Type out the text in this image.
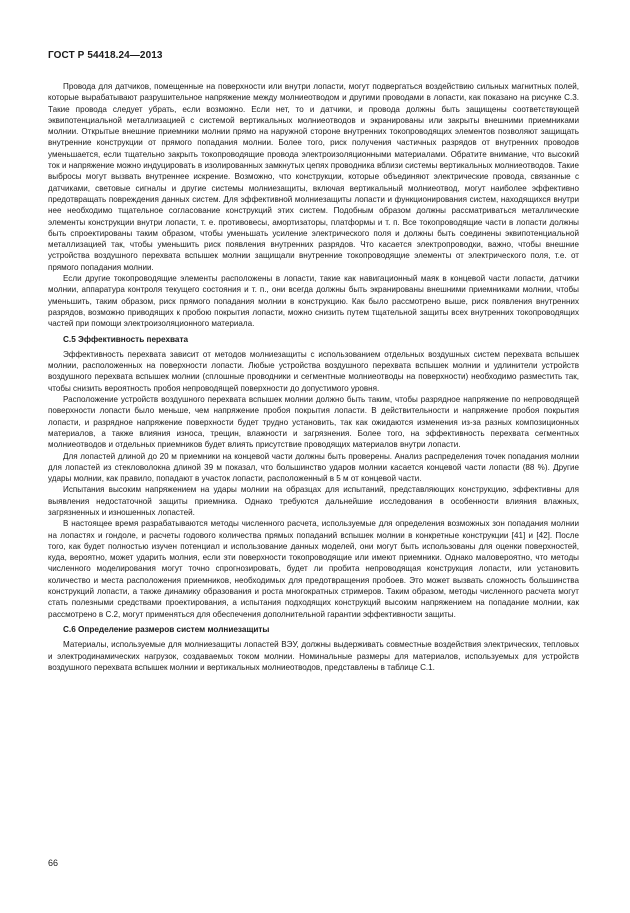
ГОСТ Р 54418.24—2013

Провода для датчиков, помещенные на поверхности или внутри лопасти, могут подвергаться воздействию сильных магнитных полей, которые вырабатывают разрушительное напряжение между молниеотводом и другими проводами в лопасти, как показано на рисунке С.3. Такие провода следует убрать, если возможно. Если нет, то и датчики, и провода должны быть защищены соответствующей эквипотенциальной металлизацией с системой вертикальных молниеотводов и экранированы или закрыты внешними приемниками молнии. Открытые внешние приемники молнии прямо на наружной стороне внутренних токопроводящих элементов позволяют защищать внутренние конструкции от прямого попадания молнии. Более того, риск получения частичных разрядов от внутренних проводов уменьшается, если тщательно закрыть токопроводящие провода электроизоляционными материалами. Обратите внимание, что высокий ток и напряжение можно индуцировать в изолированных замкнутых цепях проводника вблизи системы вертикальных молниеотводов. Такие выбросы могут вызвать внутреннее искрение. Возможно, что конструкции, которые объединяют электрические провода, связанные с датчиками, световые сигналы и другие системы молниезащиты, включая вертикальный молниеотвод, могут наиболее эффективно предотвращать повреждения данных систем. Для эффективной молниезащиты лопасти и функционирования систем, находящихся внутри нее необходимо тщательное согласование конструкций этих систем. Подобным образом должны рассматриваться металлические элементы конструкции внутри лопасти, т. е. противовесы, амортизаторы, платформы и т. п. Все токопроводящие части в лопасти должны быть спроектированы таким образом, чтобы уменьшать усиление электрического поля и должны быть соединены эквипотенциальной металлизацией так, чтобы уменьшить риск появления внутренних разрядов. Что касается электропроводки, важно, чтобы внешние устройства воздушного перехвата вспышек молнии защищали внутренние токопроводящие элементы от электрического поля, т.е. от прямого попадания молнии.

Если другие токопроводящие элементы расположены в лопасти, такие как навигационный маяк в концевой части лопасти, датчики молнии, аппаратура контроля текущего состояния и т. п., они всегда должны быть экранированы внешними приемниками молнии, чтобы уменьшить, таким образом, риск прямого попадания молнии в конструкцию. Как было рассмотрено выше, риск появления внутренних разрядов, возможно приводящих к пробою покрытия лопасти, можно снизить путем тщательной защиты всех внутренних токопроводящих частей при помощи электроизоляционного материала.

С.5 Эффективность перехвата

Эффективность перехвата зависит от методов молниезащиты с использованием отдельных воздушных систем перехвата вспышек молнии, расположенных на поверхности лопасти. Любые устройства воздушного перехвата вспышек молнии и удлинители устройств воздушного перехвата вспышек молнии (сплошные проводники и сегментные молниеотводы на поверхности) необходимо разместить так, чтобы снизить вероятность пробоя непроводящей поверхности до допустимого уровня.

Расположение устройств воздушного перехвата вспышек молнии должно быть таким, чтобы разрядное напряжение по непроводящей поверхности лопасти было меньше, чем напряжение пробоя покрытия лопасти. В действительности и напряжение пробоя покрытия лопасти, и разрядное напряжение поверхности будет трудно установить, так как ожидаются изменения из-за разных композиционных материалов, а также влияния износа, трещин, влажности и загрязнения. Более того, на эффективность перехвата сегментных молниеотводов и отдельных приемников будет влиять присутствие проводящих материалов внутри лопасти.

Для лопастей длиной до 20 м приемники на концевой части должны быть проверены. Анализ распределения точек попадания молнии для лопастей из стекловолокна длиной 39 м показал, что большинство ударов молнии касается концевой части лопасти (88 %). Другие удары молнии, как правило, попадают в участок лопасти, расположенный в 5 м от концевой части.

Испытания высоким напряжением на удары молнии на образцах для испытаний, представляющих конструкцию, эффективны для выявления недостаточной защиты приемника. Однако требуются дальнейшие исследования в особенности влияния влажных, загрязненных и изношенных лопастей.

В настоящее время разрабатываются методы численного расчета, используемые для определения возможных зон попадания молнии на лопастях и гондоле, и расчеты годового количества прямых попаданий вспышек молнии в конкретные конструкции [41] и [42]. После того, как будет полностью изучен потенциал и использование данных моделей, они могут быть использованы для оценки поверхностей, куда, вероятно, может ударить молния, если эти поверхности токопроводящие или имеют приемники. Однако маловероятно, что методы численного моделирования могут точно спрогнозировать, будет ли пробита непроводящая конструкция лопасти, или установить количество и места расположения приемников, необходимых для предотвращения пробоев. Это может вызвать сложность большинства конструкций лопасти, а также динамику образования и роста многократных стримеров. Таким образом, методы численного расчета могут стать полезными средствами проектирования, а испытания подходящих конструкций высоким напряжением на попадание молнии, как рассмотрено в С.2, могут применяться для обеспечения дополнительной гарантии эффективности защиты.

С.6 Определение размеров систем молниезащиты

Материалы, используемые для молниезащиты лопастей ВЭУ, должны выдерживать совместные воздействия электрических, тепловых и электродинамических нагрузок, создаваемых током молнии. Номинальные размеры для материалов, используемых для устройств воздушного перехвата вспышек молнии и вертикальных молниеотводов, представлены в таблице С.1.

66
